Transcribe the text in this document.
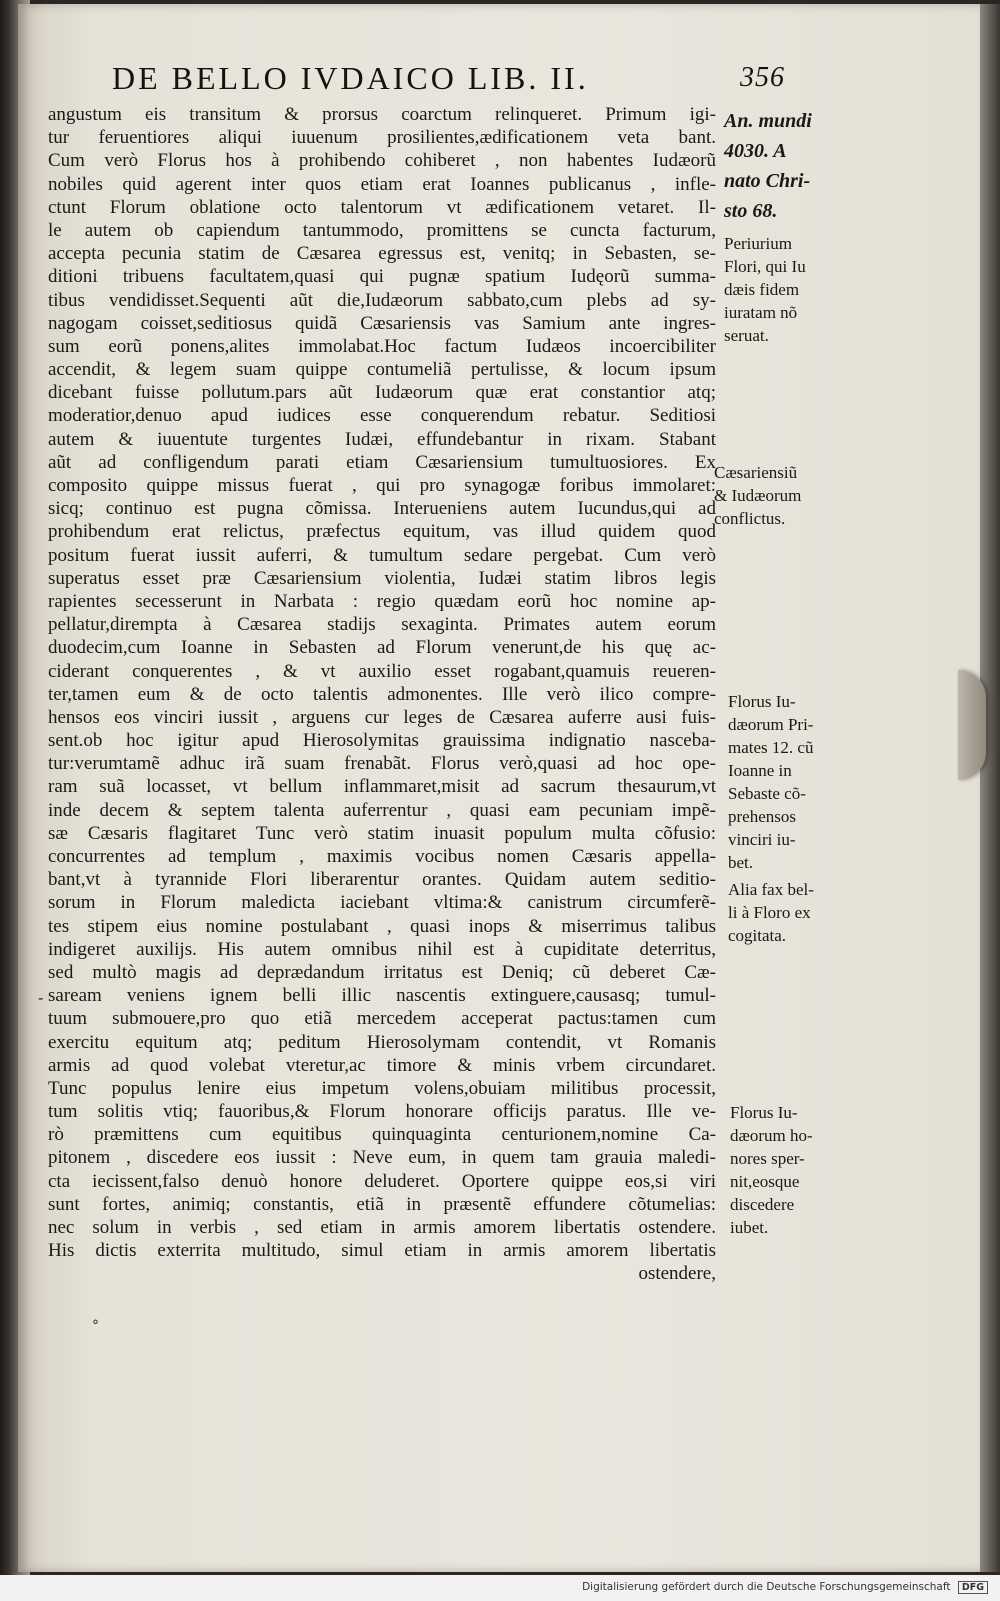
DE BELLO IVDAICO LIB. II.	356
angustum eis transitum & prorsus coarctum relinqueret. Primum igi-
tur feruentiores aliqui iuuenum prosilientes,ædificationem veta bant.
Cum verò Florus hos à prohibendo cohiberet , non habentes Iudæorũ
nobiles quid agerent inter quos etiam erat Ioannes publicanus , infle-
ctunt Florum oblatione octo talentorum vt ædificationem vetaret. Il-
le autem ob capiendum tantummodo, promittens se cuncta facturum,
accepta pecunia statim de Cæsarea egressus est, venitq; in Sebasten, se-
ditioni tribuens facultatem,quasi qui pugnæ spatium Iudęorũ summa-
tibus vendidisset.Sequenti aũt die,Iudæorum sabbato,cum plebs ad sy-
nagogam coisset,seditiosus quidã Cæsariensis vas Samium ante ingres-
sum eorũ ponens,alites immolabat.Hoc factum Iudæos incoercibiliter
accendit, & legem suam quippe contumeliã pertulisse, & locum ipsum
dicebant fuisse pollutum.pars aũt Iudæorum quæ erat constantior atq;
moderatior,denuo apud iudices esse conquerendum rebatur. Seditiosi
autem & iuuentute turgentes Iudæi, effundebantur in rixam. Stabant
aũt ad confligendum parati etiam Cæsariensium tumultuosiores. Ex
composito quippe missus fuerat , qui pro synagogæ foribus immolaret:
sicq; continuo est pugna cõmissa. Interueniens autem Iucundus,qui ad
prohibendum erat relictus, præfectus equitum, vas illud quidem quod
positum fuerat iussit auferri, & tumultum sedare pergebat. Cum verò
superatus esset præ Cæsariensium violentia, Iudæi statim libros legis
rapientes secesserunt in Narbata : regio quædam eorũ hoc nomine ap-
pellatur,dirempta à Cæsarea stadijs sexaginta. Primates autem eorum
duodecim,cum Ioanne in Sebasten ad Florum venerunt,de his quę ac-
ciderant conquerentes , & vt auxilio esset rogabant,quamuis reueren-
ter,tamen eum & de octo talentis admonentes. Ille verò ilico compre-
hensos eos vinciri iussit , arguens cur leges de Cæsarea auferre ausi fuis-
sent.ob hoc igitur apud Hierosolymitas grauissima indignatio nasceba-
tur:verumtamẽ adhuc irã suam frenabãt. Florus verò,quasi ad hoc ope-
ram suã locasset, vt bellum inflammaret,misit ad sacrum thesaurum,vt
inde decem & septem talenta auferrentur , quasi eam pecuniam impẽ-
sæ Cæsaris flagitaret Tunc verò statim inuasit populum multa cõfusio:
concurrentes ad templum , maximis vocibus nomen Cæsaris appella-
bant,vt à tyrannide Flori liberarentur orantes. Quidam autem seditio-
sorum in Florum maledicta iaciebant vltima:& canistrum circumferẽ-
tes stipem eius nomine postulabant , quasi inops & miserrimus talibus
indigeret auxilijs. His autem omnibus nihil est à cupiditate deterritus,
sed multò magis ad deprædandum irritatus est Deniq; cũ deberet Cæ-
saream veniens ignem belli illic nascentis extinguere,causasq; tumul-
tuum submouere,pro quo etiã mercedem acceperat pactus:tamen cum
exercitu equitum atq; peditum Hierosolymam contendit, vt Romanis
armis ad quod volebat vteretur,ac timore & minis vrbem circundaret.
Tunc populus lenire eius impetum volens,obuiam militibus processit,
tum solitis vtiq; fauoribus,& Florum honorare officijs paratus. Ille ve-
rò præmittens cum equitibus quinquaginta centurionem,nomine Ca-
pitonem , discedere eos iussit : Neve eum, in quem tam grauia maledi-
cta iecissent,falso denuò honore deluderet. Oportere quippe eos,si viri
sunt fortes, animiq; constantis, etiã in præsentẽ effundere cõtumelias:
nec solum in verbis , sed etiam in armis amorem libertatis ostendere.
His dictis exterrita multitudo, simul etiam in armis amorem libertatis
ostendere,
An. mundi
4030. A
nato Chri-
sto 68.
Periurium
Flori, qui Iu
dæis fidem
iuratam nõ
seruat.
Cæsariensiũ
& Iudæorum
conflictus.
Florus Iu-
dæorum Pri-
mates 12. cũ
Ioanne in
Sebaste cõ-
prehensos
vinciri iu-
bet.
Alia fax bel-
li à Floro ex
cogitata.
Florus Iu-
dæorum ho-
nores sper-
nit,eosque
discedere
iubet.
-
°
Digitalisierung gefördert durch die Deutsche Forschungsgemeinschaft DFG
